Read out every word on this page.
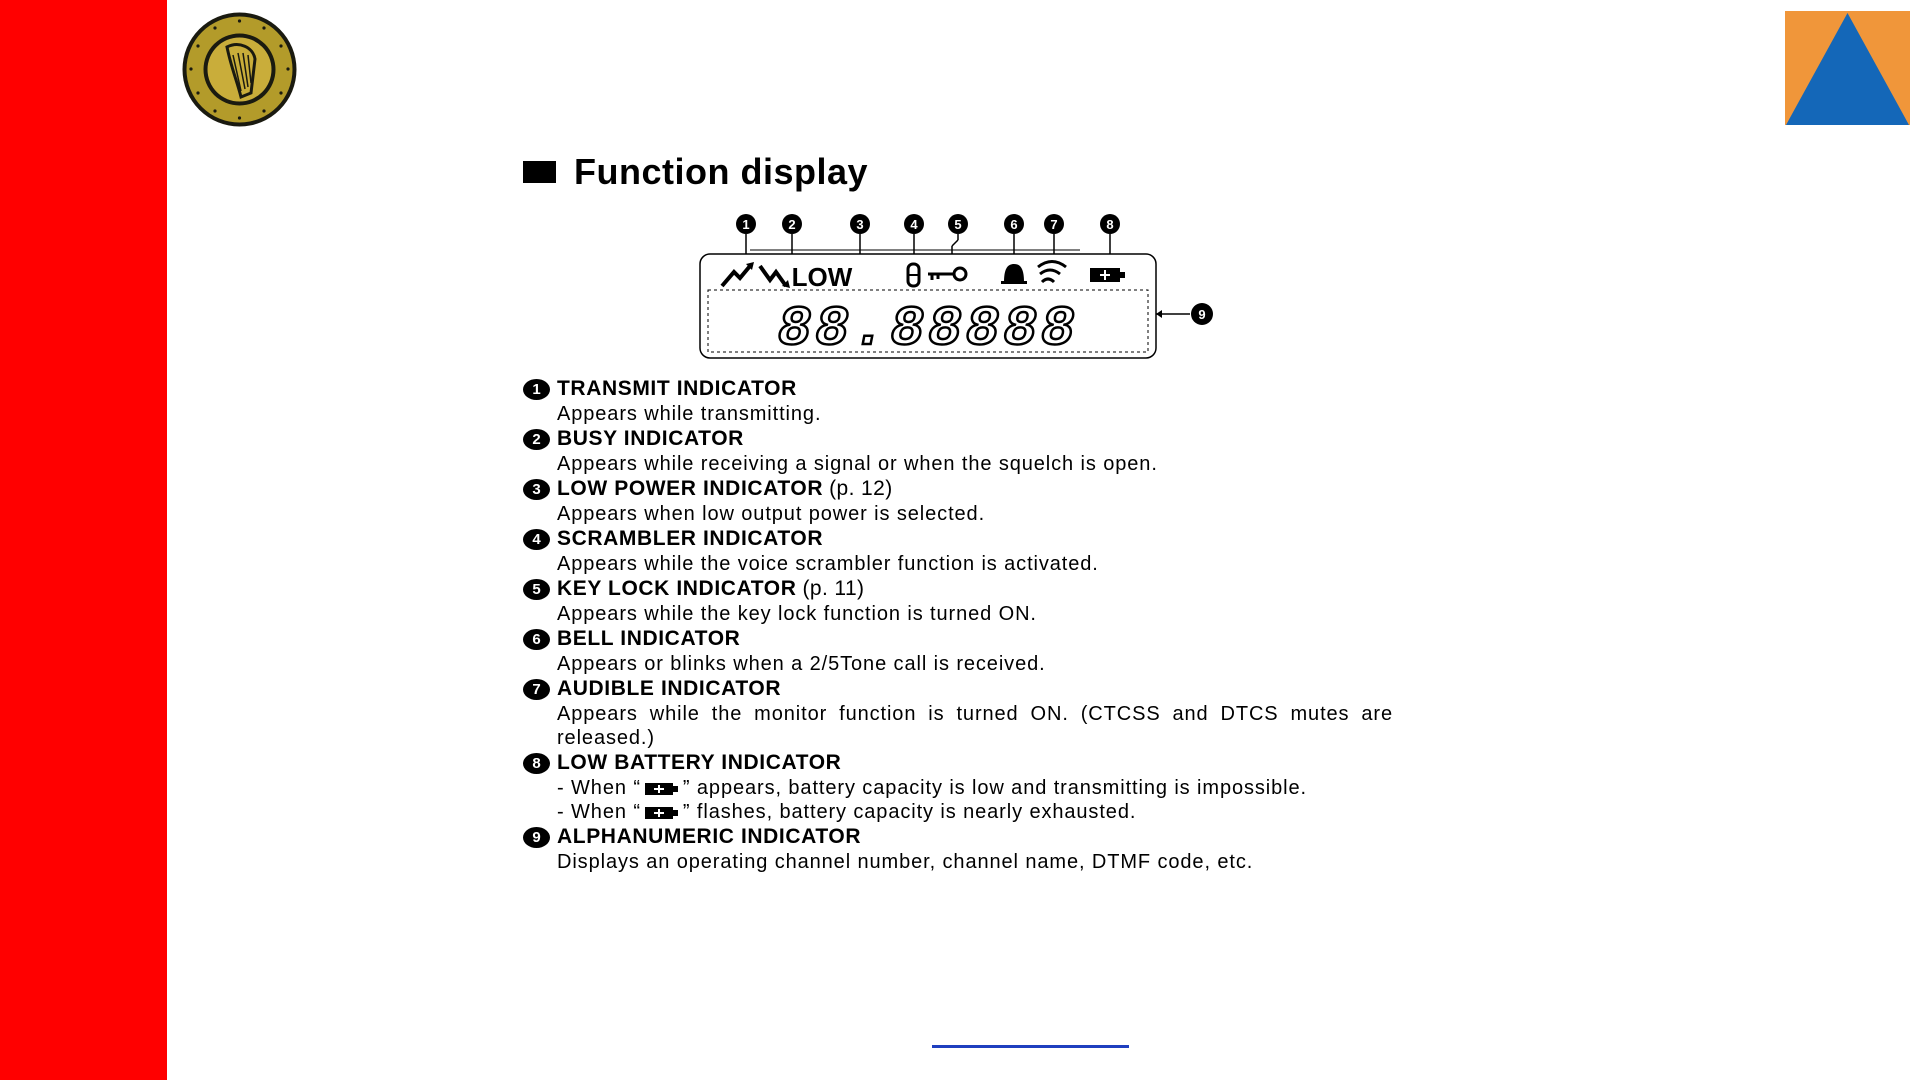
Function display
1	2	3	4	5	6	7	8
LOW
88.88888	9
1 TRANSMIT INDICATOR
Appears while transmitting.
2 BUSY INDICATOR
Appears while receiving a signal or when the squelch is open.
3 LOW POWER INDICATOR (p. 12)
Appears when low output power is selected.
4 SCRAMBLER INDICATOR
Appears while the voice scrambler function is activated.
5 KEY LOCK INDICATOR (p. 11)
Appears while the key lock function is turned ON.
6 BELL INDICATOR
Appears or blinks when a 2/5Tone call is received.
7 AUDIBLE INDICATOR
Appears while the monitor function is turned ON. (CTCSS and DTCS mutes are released.)
8 LOW BATTERY INDICATOR
- When “ ” appears, battery capacity is low and transmitting is impossible.
- When “ ” flashes, battery capacity is nearly exhausted.
9 ALPHANUMERIC INDICATOR
Displays an operating channel number, channel name, DTMF code, etc.
